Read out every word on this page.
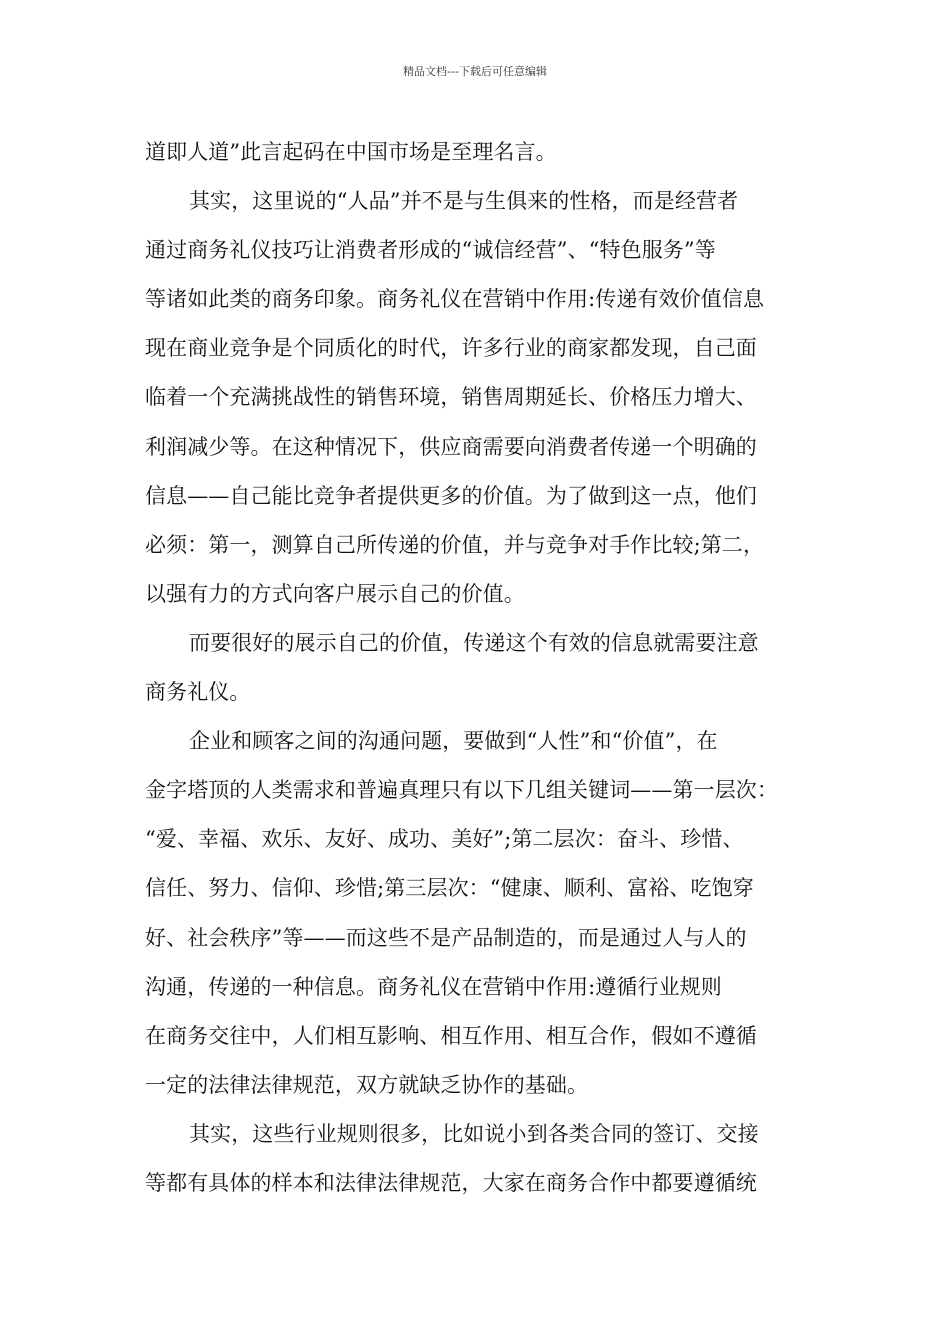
精品文档---下载后可任意编辑
道即人道”此言起码在中国市场是至理名言。
其实，这里说的“人品”并不是与生俱来的性格，而是经营者
通过商务礼仪技巧让消费者形成的“诚信经营”、“特色服务”等
等诸如此类的商务印象。商务礼仪在营销中作用:传递有效价值信息
现在商业竞争是个同质化的时代，许多行业的商家都发现，自己面
临着一个充满挑战性的销售环境，销售周期延长、价格压力增大、
利润减少等。在这种情况下，供应商需要向消费者传递一个明确的
信息——自己能比竞争者提供更多的价值。为了做到这一点，他们
必须：第一，测算自己所传递的价值，并与竞争对手作比较;第二，
以强有力的方式向客户展示自己的价值。
而要很好的展示自己的价值，传递这个有效的信息就需要注意
商务礼仪。
企业和顾客之间的沟通问题，要做到“人性”和“价值”，在
金字塔顶的人类需求和普遍真理只有以下几组关键词——第一层次：
“爱、幸福、欢乐、友好、成功、美好”;第二层次：奋斗、珍惜、
信任、努力、信仰、珍惜;第三层次：“健康、顺利、富裕、吃饱穿
好、社会秩序”等——而这些不是产品制造的，而是通过人与人的
沟通，传递的一种信息。商务礼仪在营销中作用:遵循行业规则
在商务交往中，人们相互影响、相互作用、相互合作，假如不遵循
一定的法律法律规范，双方就缺乏协作的基础。
其实，这些行业规则很多，比如说小到各类合同的签订、交接
等都有具体的样本和法律法律规范，大家在商务合作中都要遵循统
